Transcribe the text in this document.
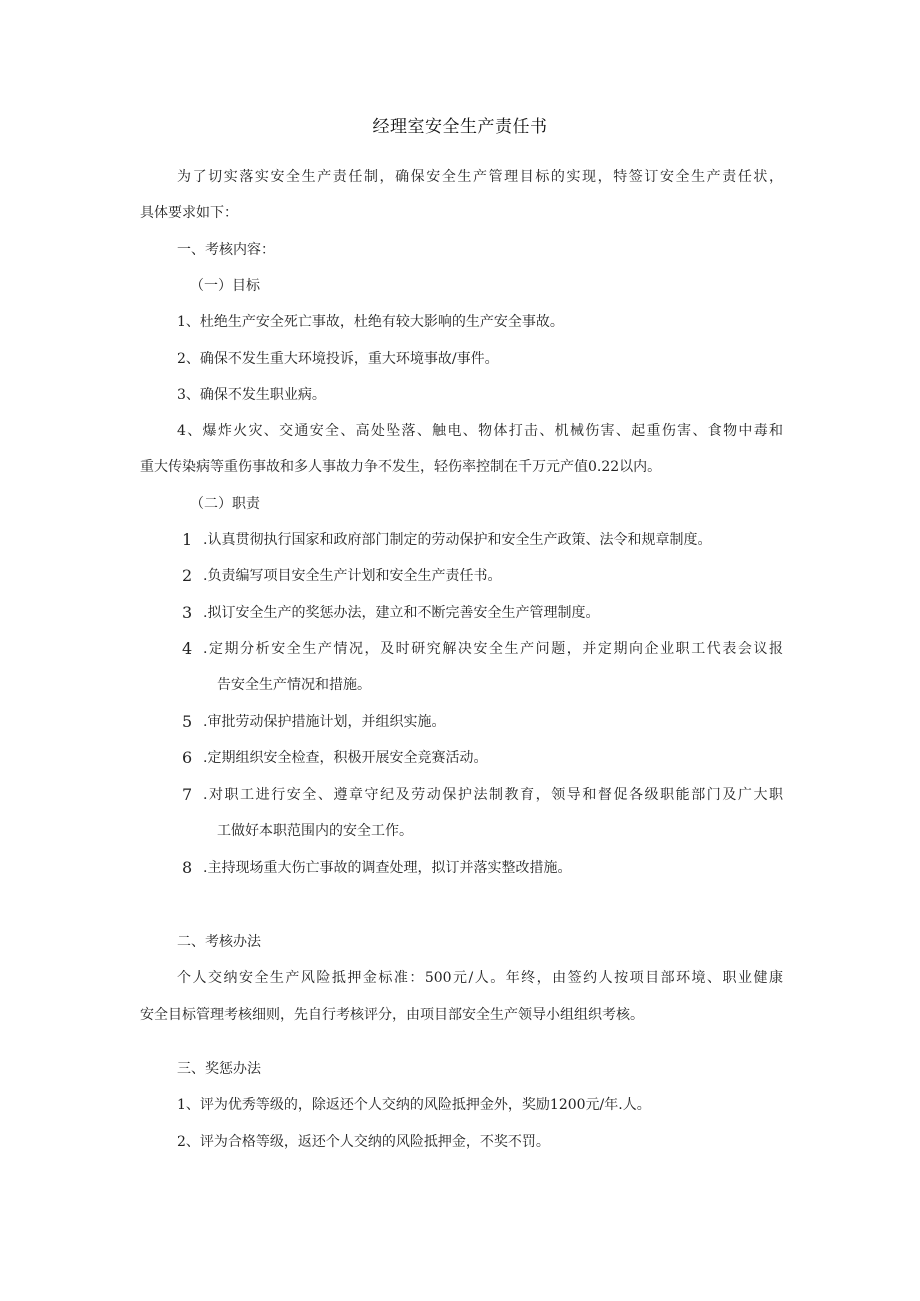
经理室安全生产责任书
为了切实落实安全生产责任制，确保安全生产管理目标的实现，特签订安全生产责任状，
具体要求如下：
一、考核内容：
（一）目标
1、杜绝生产安全死亡事故，杜绝有较大影响的生产安全事故。
2、确保不发生重大环境投诉，重大环境事故/事件。
3、确保不发生职业病。
4、爆炸火灾、交通安全、高处坠落、触电、物体打击、机械伤害、起重伤害、食物中毒和
重大传染病等重伤事故和多人事故力争不发生，轻伤率控制在千万元产值0.22以内。
（二）职责
1 .认真贯彻执行国家和政府部门制定的劳动保护和安全生产政策、法令和规章制度。
2 .负责编写项目安全生产计划和安全生产责任书。
3 .拟订安全生产的奖惩办法，建立和不断完善安全生产管理制度。
4 .定期分析安全生产情况，及时研究解决安全生产问题，并定期向企业职工代表会议报
告安全生产情况和措施。
5 .审批劳动保护措施计划，并组织实施。
6 .定期组织安全检查，积极开展安全竞赛活动。
7 .对职工进行安全、遵章守纪及劳动保护法制教育，领导和督促各级职能部门及广大职
工做好本职范围内的安全工作。
8 .主持现场重大伤亡事故的调查处理，拟订并落实整改措施。
二、考核办法
个人交纳安全生产风险抵押金标准：500元/人。年终，由签约人按项目部环境、职业健康
安全目标管理考核细则，先自行考核评分，由项目部安全生产领导小组组织考核。
三、奖惩办法
1、评为优秀等级的，除返还个人交纳的风险抵押金外，奖励1200元/年.人。
2、评为合格等级，返还个人交纳的风险抵押金，不奖不罚。
